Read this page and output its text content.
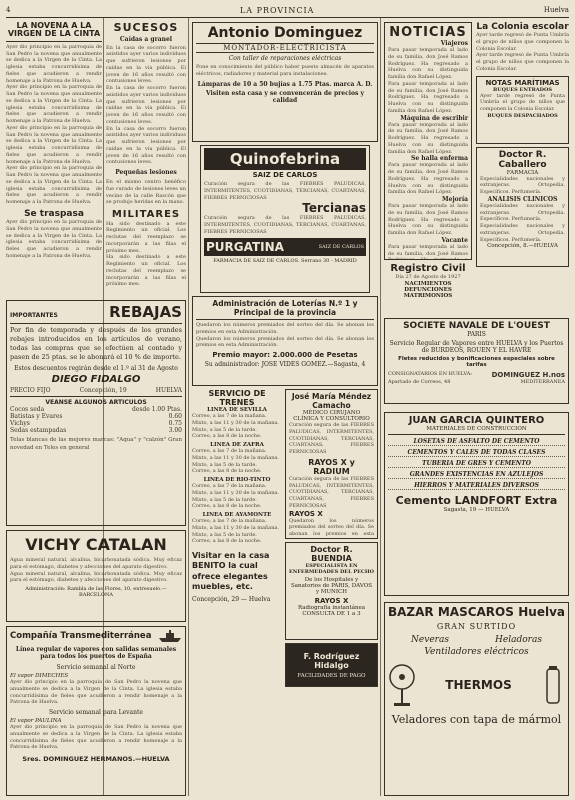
4	LA PROVINCIA	Huelva
LA NOVENA A LA VIRGEN DE LA CINTA
Ayer dio principio en la parroquia de San Pedro la novena que anualmente se dedica a la Virgen de la Cinta. La iglesia estaba concurridísima de fieles que acudieron a rendir homenaje a la Patrona de Huelva.
Ayer dio principio en la parroquia de San Pedro la novena que anualmente se dedica a la Virgen de la Cinta. La iglesia estaba concurridísima de fieles que acudieron a rendir homenaje a la Patrona de Huelva.
Ayer dio principio en la parroquia de San Pedro la novena que anualmente se dedica a la Virgen de la Cinta. La iglesia estaba concurridísima de fieles que acudieron a rendir homenaje a la Patrona de Huelva.
Ayer dio principio en la parroquia de San Pedro la novena que anualmente se dedica a la Virgen de la Cinta. La iglesia estaba concurridísima de fieles que acudieron a rendir homenaje a la Patrona de Huelva.
Se traspasa
Ayer dio principio en la parroquia de San Pedro la novena que anualmente se dedica a la Virgen de la Cinta. La iglesia estaba concurridísima de fieles que acudieron a rendir homenaje a la Patrona de Huelva.
IMPORTANTES	REBAJAS
Por fin de temporada y después de los grandes rebajes introducidos en los artículos de verano, todas las compras que se efectúen al contado y pasen de 25 ptas. se le abonará el 10 % de importe.
Estos descuentos regirán desde el 1.º al 31 de Agosto
DIEGO FIDALGO
PRECIO FIJO	Concepción, 19	HUELVA
VEANSE ALGUNOS ARTICULOS
Cocos seda	desde 1.00 Ptas.
Batistas y Evares	0.60
Vichys	0.75
Sedas estampadas	3.00
Telas blancas de las mejores marcas: "Aqua" y "calzón" Gran novedad en Teles en general
VICHY CATALAN
Agua mineral natural, alcalina, bicarbonatada sódica. Muy eficaz para el estómago, diabetes y afecciones del aparato digestivo.
Agua mineral natural, alcalina, bicarbonatada sódica. Muy eficaz para el estómago, diabetes y afecciones del aparato digestivo.
Administración: Rambla de las Flores, 10, entresuelo.—BARCELONA
Compañía Transmediterránea
Línea regular de vapores con salidas semanales para todos los puertos de España
Servicio semanal al Norte
El vapor DIMECHES
Ayer dio principio en la parroquia de San Pedro la novena que anualmente se dedica a la Virgen de la Cinta. La iglesia estaba concurridísima de fieles que acudieron a rendir homenaje a la Patrona de Huelva.
Servicio semanal para Levante
El vapor PAULINA
Ayer dio principio en la parroquia de San Pedro la novena que anualmente se dedica a la Virgen de la Cinta. La iglesia estaba concurridísima de fieles que acudieron a rendir homenaje a la Patrona de Huelva.
Sres. DOMINGUEZ HERMANOS.—HUELVA
SUCESOS
Caídas a granel
En la casa de socorro fueron asistidos ayer varios individuos que sufrieron lesiones por caídas en la vía pública. El joven de 16 años resultó con contusiones leves.
En la casa de socorro fueron asistidos ayer varios individuos que sufrieron lesiones por caídas en la vía pública. El joven de 16 años resultó con contusiones leves.
En la casa de socorro fueron asistidos ayer varios individuos que sufrieron lesiones por caídas en la vía pública. El joven de 16 años resultó con contusiones leves.
Pequeñas lesiones
En el mismo centro benéfico fue curado de lesiones leves un vecino de la calle Rascón que se produjo heridas en la mano.
MILITARES
Ha sido destinado a este Regimiento un oficial. Los reclutas del reemplazo se incorporarán a las filas el próximo mes.
Ha sido destinado a este Regimiento un oficial. Los reclutas del reemplazo se incorporarán a las filas el próximo mes.
Antonio Dominguez
MONTADOR-ELECTRICISTA
Con taller de reparaciones eléctricas
Pone en conocimiento del público haber puesto almacén de aparatos eléctricos, radiadores y material para instalaciones.
Lámparas de 10 a 50 bujías a 1.75 Ptas. marca A. D.
Visiten esta casa y se convencerán de precios y calidad
Quinofebrina
SAIZ DE CARLOS
Curación segura de las FIEBRES PALUDICAS, INTERMITENTES, CUOTIDIANAS, TERCIANAS, CUARTANAS, FIEBRES PERNICIOSAS
Tercianas
Curación segura de las FIEBRES PALUDICAS, INTERMITENTES, CUOTIDIANAS, TERCIANAS, CUARTANAS, FIEBRES PERNICIOSAS
PURGATINA	SAIZ DE CARLOS
FARMACIA DE SAIZ DE CARLOS. Serrano 30 - MADRID
Administración de Loterías N.º 1 y Principal de la provincia
Quedaron los números premiados del sorteo del día. Se abonan los premios en esta Administración.
Quedaron los números premiados del sorteo del día. Se abonan los premios en esta Administración.
Premio mayor: 2.000.000 de Pesetas
Su administrador: JOSE VIDES GOMEZ.—Sagasta, 4
SERVICIO DE TRENES
LINEA DE SEVILLA
Correo, a las 7 de la mañana.
Mixto, a las 11 y 30 de la mañana.
Mixto, a las 5 de la tarde.
Correo, a las 8 de la noche.
LINEA DE ZAFRA
Correo, a las 7 de la mañana.
Mixto, a las 11 y 30 de la mañana.
Mixto, a las 5 de la tarde.
Correo, a las 8 de la noche.
LINEA DE RIO-TINTO
Correo, a las 7 de la mañana.
Mixto, a las 11 y 30 de la mañana.
Mixto, a las 5 de la tarde.
Correo, a las 8 de la noche.
LINEA DE AYAMONTE
Correo, a las 7 de la mañana.
Mixto, a las 11 y 30 de la mañana.
Mixto, a las 5 de la tarde.
Correo, a las 8 de la noche.
Visitar en la casa BENITO la cual ofrece elegantes muebles, etc.
Concepción, 29 — Huelva
José María Méndez Camacho
MÉDICO CIRUJANO
CLÍNICA Y CONSULTORIO
Curación segura de las FIEBRES PALUDICAS, INTERMITENTES, CUOTIDIANAS, TERCIANAS, CUARTANAS, FIEBRES PERNICIOSAS
RAYOS X y RADIUM
Curación segura de las FIEBRES PALUDICAS, INTERMITENTES, CUOTIDIANAS, TERCIANAS, CUARTANAS, FIEBRES PERNICIOSAS
RAYOS X
Quedaron los números premiados del sorteo del día. Se abonan los premios en esta
Doctor R. BUENDIA
ESPECIALISTA EN ENFERMEDADES DEL PECHO
De los Hospitales y Sanatorios de PARIS, DAVOS y MUNICH
RAYOS X
Radiografía instantánea
CONSULTA DE 1 a 3
F. Rodríguez Hidalgo
FACILIDADES DE PAGO
NOTICIAS
Viajeros
Para pasar temporada al lado de su familia, don José Ramos Rodríguez. Ha regresado a Huelva con su distinguida familia don Rafael López.
Para pasar temporada al lado de su familia, don José Ramos Rodríguez. Ha regresado a Huelva con su distinguida familia don Rafael López.
Máquina de escribir
Para pasar temporada al lado de su familia, don José Ramos Rodríguez. Ha regresado a Huelva con su distinguida familia don Rafael López.
Se halla enferma
Para pasar temporada al lado de su familia, don José Ramos Rodríguez. Ha regresado a Huelva con su distinguida familia don Rafael López.
Mejoría
Para pasar temporada al lado de su familia, don José Ramos Rodríguez. Ha regresado a Huelva con su distinguida familia don Rafael López.
Vacante
Para pasar temporada al lado de su familia, don José Ramos
Registro Civil
Día 27 de Agosto de 1927
NACIMIENTOS
DEFUNCIONES
MATRIMONIOS
La Colonia escolar
Ayer tarde regresó de Punta Umbría el grupo de niños que componen la Colonia Escolar.
Ayer tarde regresó de Punta Umbría el grupo de niños que componen la Colonia Escolar.
NOTAS MARÍTIMAS
BUQUES ENTRADOS
Ayer tarde regresó de Punta Umbría el grupo de niños que componen la Colonia Escolar.
BUQUES DESPACHADOS
Doctor R. Caballero
FARMACIA
Especialidades nacionales y extranjeras. Ortopedia. Específicos. Perfumería.
ANALISIS CLINICOS
Especialidades nacionales y extranjeras. Ortopedia. Específicos. Perfumería.
Especialidades nacionales y extranjeras. Ortopedia. Específicos. Perfumería.
Concepción, 8.—HUELVA
SOCIETE NAVALE DE L'OUEST
PARIS
Servicio Regular de Vapores entre HUELVA y los Puertos de BURDEOS, ROUEN Y EL HAVRE
Fletes reducidos y bonificaciones especiales sobre tarifas
CONSIGNATARIOS EN HUELVA:	DOMINGUEZ H.nos
Apartado de Correos, 48	MEDITERRANEA
JUAN GARCIA QUINTERO
MATERIALES DE CONSTRUCCION
LOSETAS DE ASFALTO DE CEMENTO
CEMENTOS Y CALES DE TODAS CLASES
TUBERIA DE GRES Y CEMENTO
GRANDES EXISTENCIAS EN AZULEJOS
HIERROS Y MATERIALES DIVERSOS
Cemento LANDFORT Extra
Sagasta, 19 — HUELVA
BAZAR MASCAROS Huelva
GRAN SURTIDO
Neveras	Heladoras
Ventiladores eléctricos
THERMOS
Veladores con tapa de mármol
